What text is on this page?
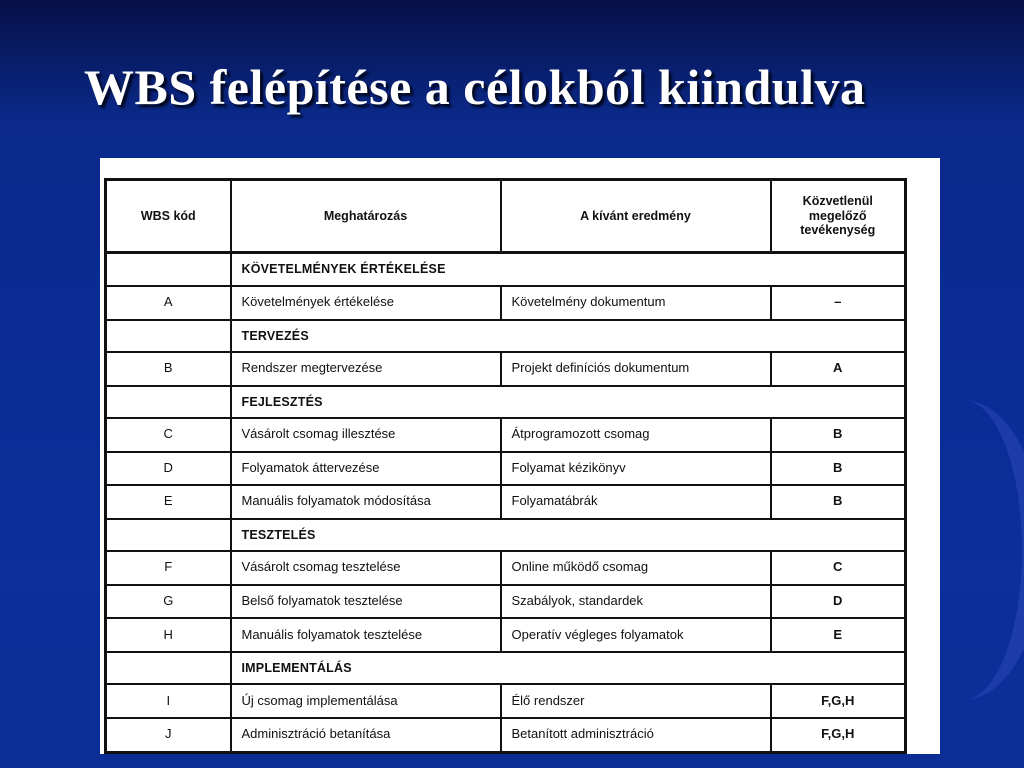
WBS felépítése a célokból kiindulva
WBS kód	Meghatározás	A kívánt eredmény	Közvetlenül megelőző tevékenység
	KÖVETELMÉNYEK ÉRTÉKELÉSE		
A	Követelmények értékelése	Követelmény dokumentum	–
	TERVEZÉS		
B	Rendszer megtervezése	Projekt definíciós dokumentum	A
	FEJLESZTÉS		
C	Vásárolt csomag illesztése	Átprogramozott csomag	B
D	Folyamatok áttervezése	Folyamat kézikönyv	B
E	Manuális folyamatok módosítása	Folyamatábrák	B
	TESZTELÉS		
F	Vásárolt csomag tesztelése	Online működő csomag	C
G	Belső folyamatok tesztelése	Szabályok, standardek	D
H	Manuális folyamatok tesztelése	Operatív végleges folyamatok	E
	IMPLEMENTÁLÁS		
I	Új csomag implementálása	Élő rendszer	F,G,H
J	Adminisztráció betanítása	Betanított adminisztráció	F,G,H
